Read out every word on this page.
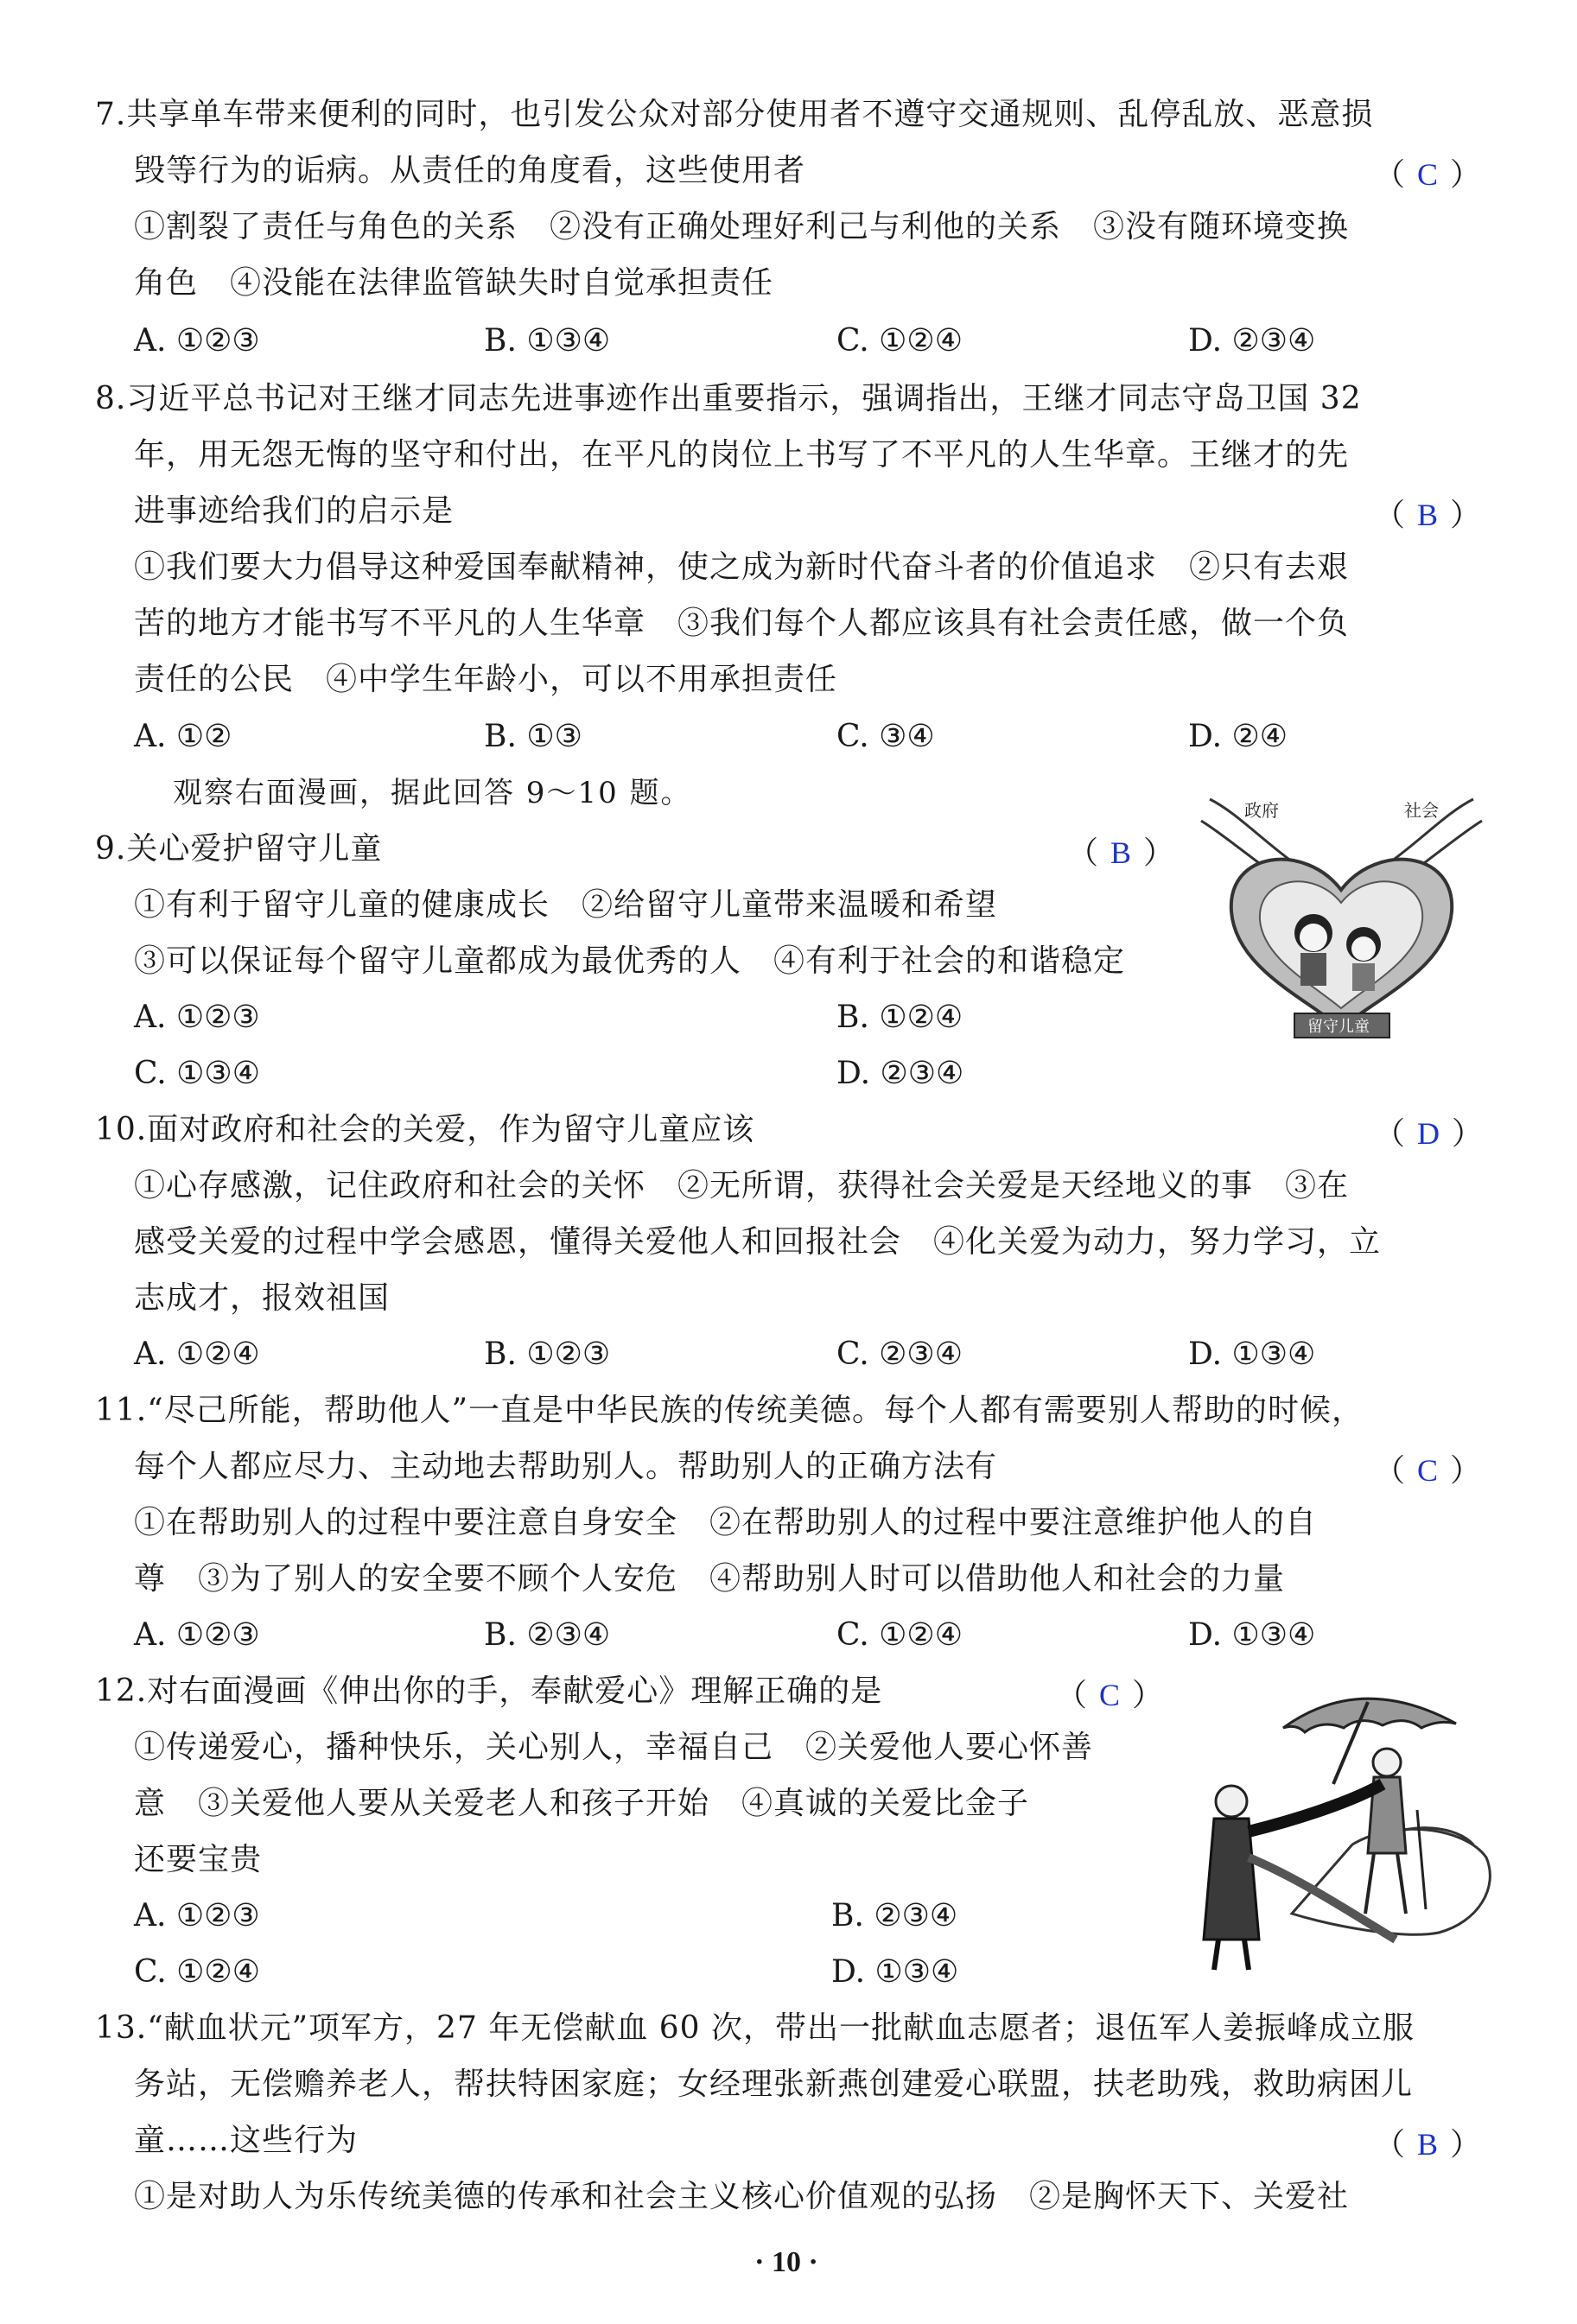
7.共享单车带来便利的同时，也引发公众对部分使用者不遵守交通规则、乱停乱放、恶意损
毁等行为的诟病。从责任的角度看，这些使用者	（ C ）
①割裂了责任与角色的关系　②没有正确处理好利己与利他的关系　③没有随环境变换
角色　④没能在法律监管缺失时自觉承担责任
A. ①②③	B. ①③④	C. ①②④	D. ②③④
8.习近平总书记对王继才同志先进事迹作出重要指示，强调指出，王继才同志守岛卫国 32
年，用无怨无悔的坚守和付出，在平凡的岗位上书写了不平凡的人生华章。王继才的先
进事迹给我们的启示是	（ B ）
①我们要大力倡导这种爱国奉献精神，使之成为新时代奋斗者的价值追求　②只有去艰
苦的地方才能书写不平凡的人生华章　③我们每个人都应该具有社会责任感，做一个负
责任的公民　④中学生年龄小，可以不用承担责任
A. ①②	B. ①③	C. ③④	D. ②④
观察右面漫画，据此回答 9～10 题。	政府	社会
留守儿童
9.关心爱护留守儿童	（ B ）
①有利于留守儿童的健康成长　②给留守儿童带来温暖和希望
③可以保证每个留守儿童都成为最优秀的人　④有利于社会的和谐稳定
A. ①②③	B. ①②④
C. ①③④	D. ②③④
10.面对政府和社会的关爱，作为留守儿童应该	（ D ）
①心存感激，记住政府和社会的关怀　②无所谓，获得社会关爱是天经地义的事　③在
感受关爱的过程中学会感恩，懂得关爱他人和回报社会　④化关爱为动力，努力学习，立
志成才，报效祖国
A. ①②④	B. ①②③	C. ②③④	D. ①③④
11.“尽己所能，帮助他人”一直是中华民族的传统美德。每个人都有需要别人帮助的时候，
每个人都应尽力、主动地去帮助别人。帮助别人的正确方法有	（ C ）
①在帮助别人的过程中要注意自身安全　②在帮助别人的过程中要注意维护他人的自
尊　③为了别人的安全要不顾个人安危　④帮助别人时可以借助他人和社会的力量
A. ①②③	B. ②③④	C. ①②④	D. ①③④
12.对右面漫画《伸出你的手，奉献爱心》理解正确的是	（ C ）
①传递爱心，播种快乐，关心别人，幸福自己　②关爱他人要心怀善
意　③关爱他人要从关爱老人和孩子开始　④真诚的关爱比金子
还要宝贵
A. ①②③	B. ②③④
C. ①②④	D. ①③④
13.“献血状元”项军方，27 年无偿献血 60 次，带出一批献血志愿者；退伍军人姜振峰成立服
务站，无偿赡养老人，帮扶特困家庭；女经理张新燕创建爱心联盟，扶老助残，救助病困儿
童……这些行为	（ B ）
①是对助人为乐传统美德的传承和社会主义核心价值观的弘扬　②是胸怀天下、关爱社
· 10 ·
